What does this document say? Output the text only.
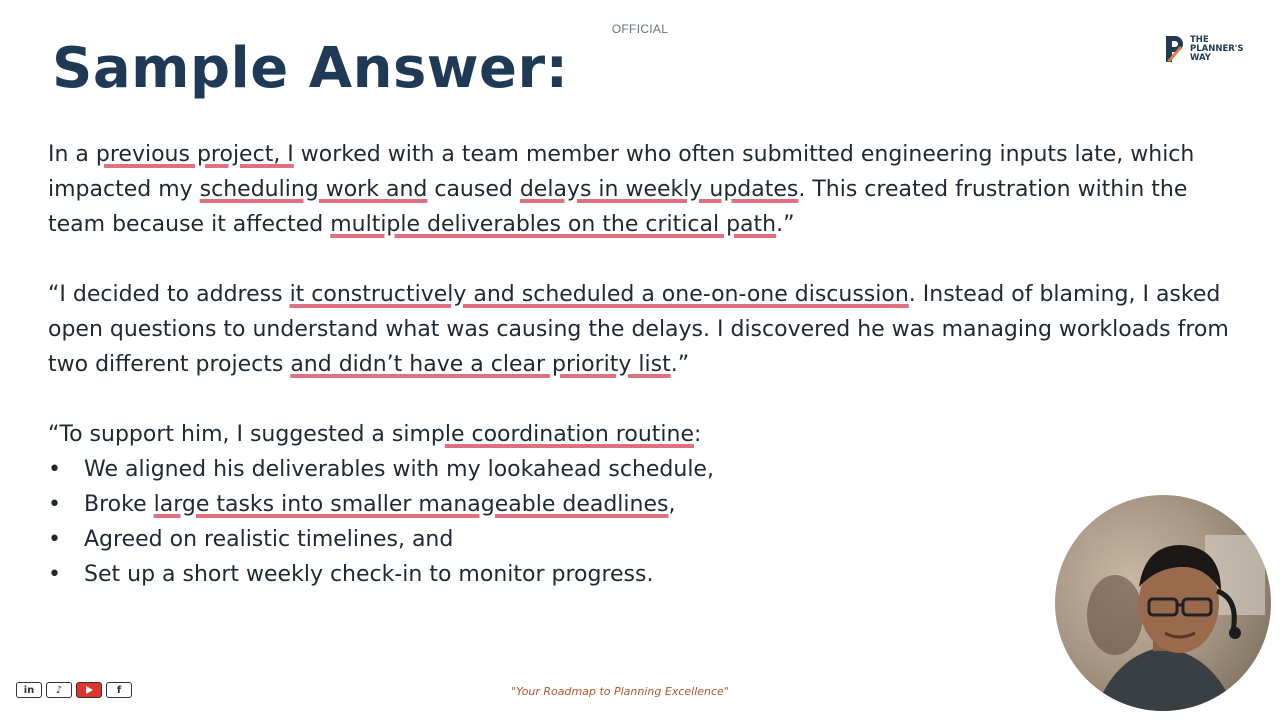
OFFICIAL
Sample Answer:	THE
PLANNER'S
WAY

In a previous project, I worked with a team member who often submitted engineering inputs late, which impacted my scheduling work and caused delays in weekly updates. This created frustration within the team because it affected multiple deliverables on the critical path.”

“I decided to address it constructively and scheduled a one-on-one discussion. Instead of blaming, I asked open questions to understand what was causing the delays. I discovered he was managing workloads from two different projects and didn’t have a clear priority list.”

“To support him, I suggested a simple coordination routine:
• We aligned his deliverables with my lookahead schedule,
• Broke large tasks into smaller manageable deadlines,
• Agreed on realistic timelines, and
• Set up a short weekly check-in to monitor progress.
in	♪	f	"Your Roadmap to Planning Excellence"
